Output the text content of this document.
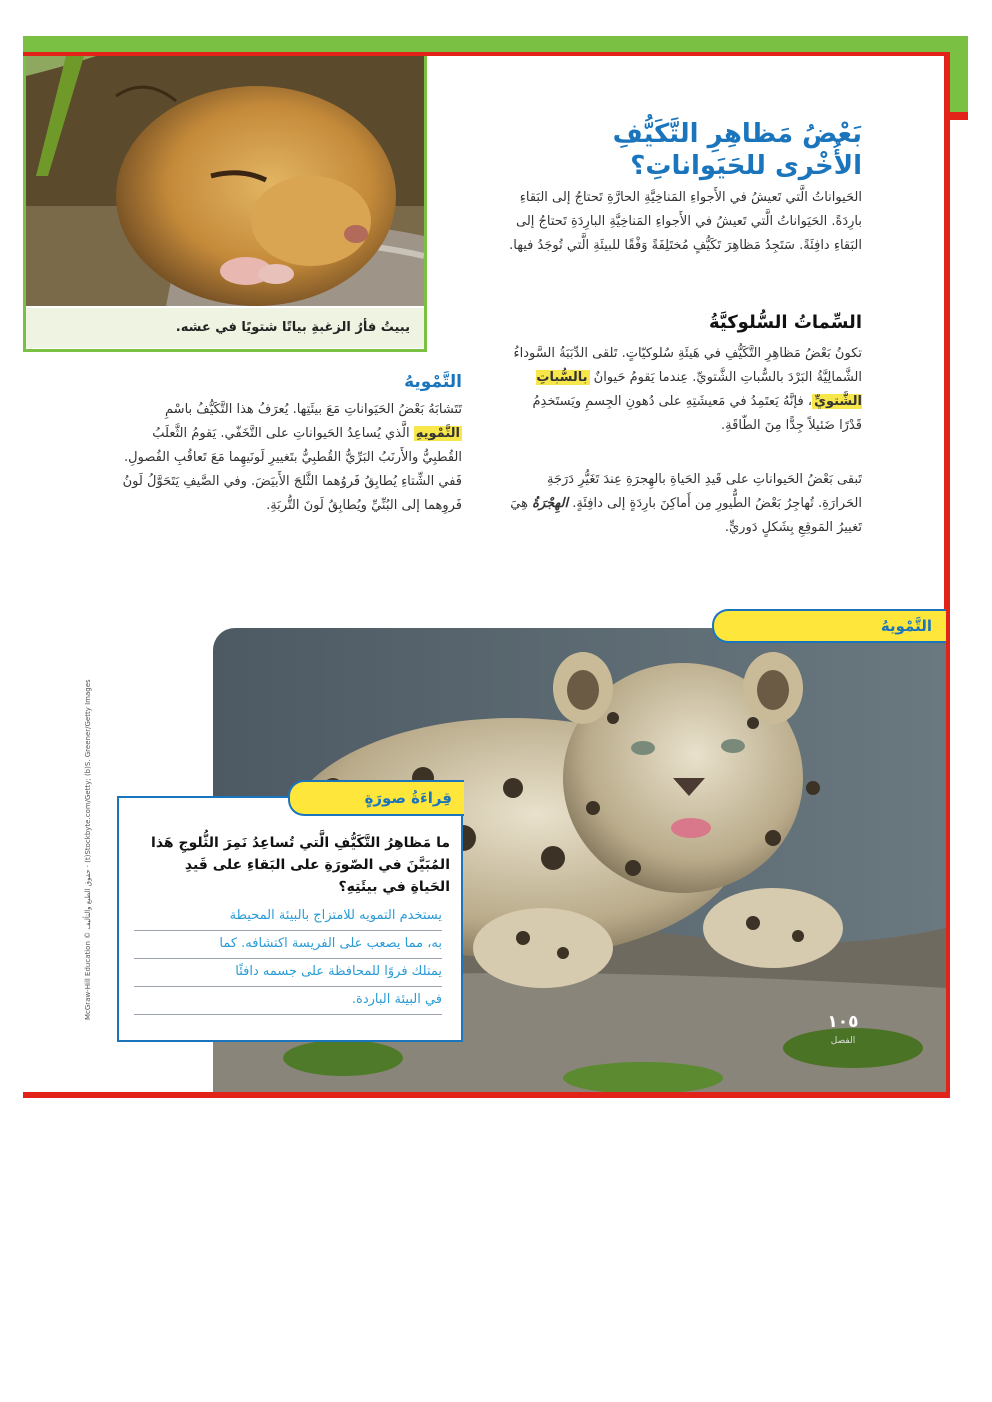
يبيتُ فأرُ الزغبةِ بياتًا شتويًا في عشه.
بَعْضُ مَظاهِرِ التَّكَيُّفِ
الأُخْرى للحَيَواناتِ؟
الحَيواناتُ الَّتي تَعيشُ في الأَجواءِ المَناخِيَّةِ الحارَّةِ تَحتاجُ إلى البَقاءِ بارِدَةً. الحَيَواناتُ الَّتي تَعيشُ في الأَجواءِ المَناخِيَّةِ البارِدَةِ تَحتاجُ إلى البَقاءِ دافِئَةً. سَتَجِدُ مَظاهِرَ تَكَيُّفٍ مُختَلِفَةً وَفْقًا للبيئَةِ الَّتي تُوجَدُ فيها.
السِّماتُ السُّلوكيَّةُ
تكونُ بَعْضُ مَظاهِرِ التَّكَيُّفِ في هَيئَةِ سُلوكيّاتٍ. تَلقى الدِّبَبَةُ السَّوداءُ الشَّمالِيَّةُ البَرْدَ بالسُّباتِ الشَّتويِّ. عِندما يَقومُ حَيوانٌ بالسُّباتِ الشَّتويِّ، فإنَّهُ يَعتَمِدُ في مَعيشَتِهِ على دُهونِ الجِسمِ ويَستَخدِمُ قَدْرًا ضَئيلاً جِدًّا مِنَ الطّاقَةِ.
تَبقى بَعْضُ الحَيواناتِ على قَيدِ الحَياةِ بالهِجرَةِ عِندَ تَغَيُّرِ دَرَجَةِ الحَرارَةِ. تُهاجِرُ بَعْضُ الطُّيورِ مِن أَماكِنَ بارِدَةٍ إلى دافِئَةٍ. الهِجْرَةُ هِيَ تَغييرُ المَوقِعِ بِشَكلٍ دَوريٍّ.
التَّمْويهُ
تَتَشابَهُ بَعْضُ الحَيَواناتِ مَعَ بيئَتِها. يُعرَفُ هذا التَّكَيُّفُ باسْمِ التَّمْويهِ الَّذي يُساعِدُ الحَيواناتِ على التَّخَفّي. يَقومُ الثَّعلَبُ القُطبِيُّ والأَرنَبُ البَرِّيُّ القُطبِيُّ بتَغييرِ لَونَيهِما مَعَ تَعاقُبِ الفُصولِ. فَفي الشِّتاءِ يُطابِقُ فَروُهما الثَّلجَ الأَبيَضَ. وفي الصَّيفِ يَتَحَوَّلُ لَونُ فَروِهما إلى البُنِّيِّ ويُطابِقُ لَونَ التُّربَةِ.
التَّمْويهُ
١٠٥
الفصل
قِراءَةُ صورَةٍ
ما مَظاهِرُ التَّكَيُّفِ الَّتي تُساعِدُ نَمِرَ الثُّلوجِ هَذا المُبَيَّنَ في الصّورَةِ على البَقاءِ على قَيدِ الحَياةِ في بيئَتِهِ؟
يستخدم التمويه للامتزاج بالبيئة المحيطة
به، مما يصعب على الفريسة اكتشافه. كما
يمتلك فروًا للمحافظة على جسمه دافئًا
في البيئة الباردة.
McGraw-Hill Education © حقوق الطبع والتأليف · (t)Stockbyte.com/Getty; (b)S. Greener/Getty Images
